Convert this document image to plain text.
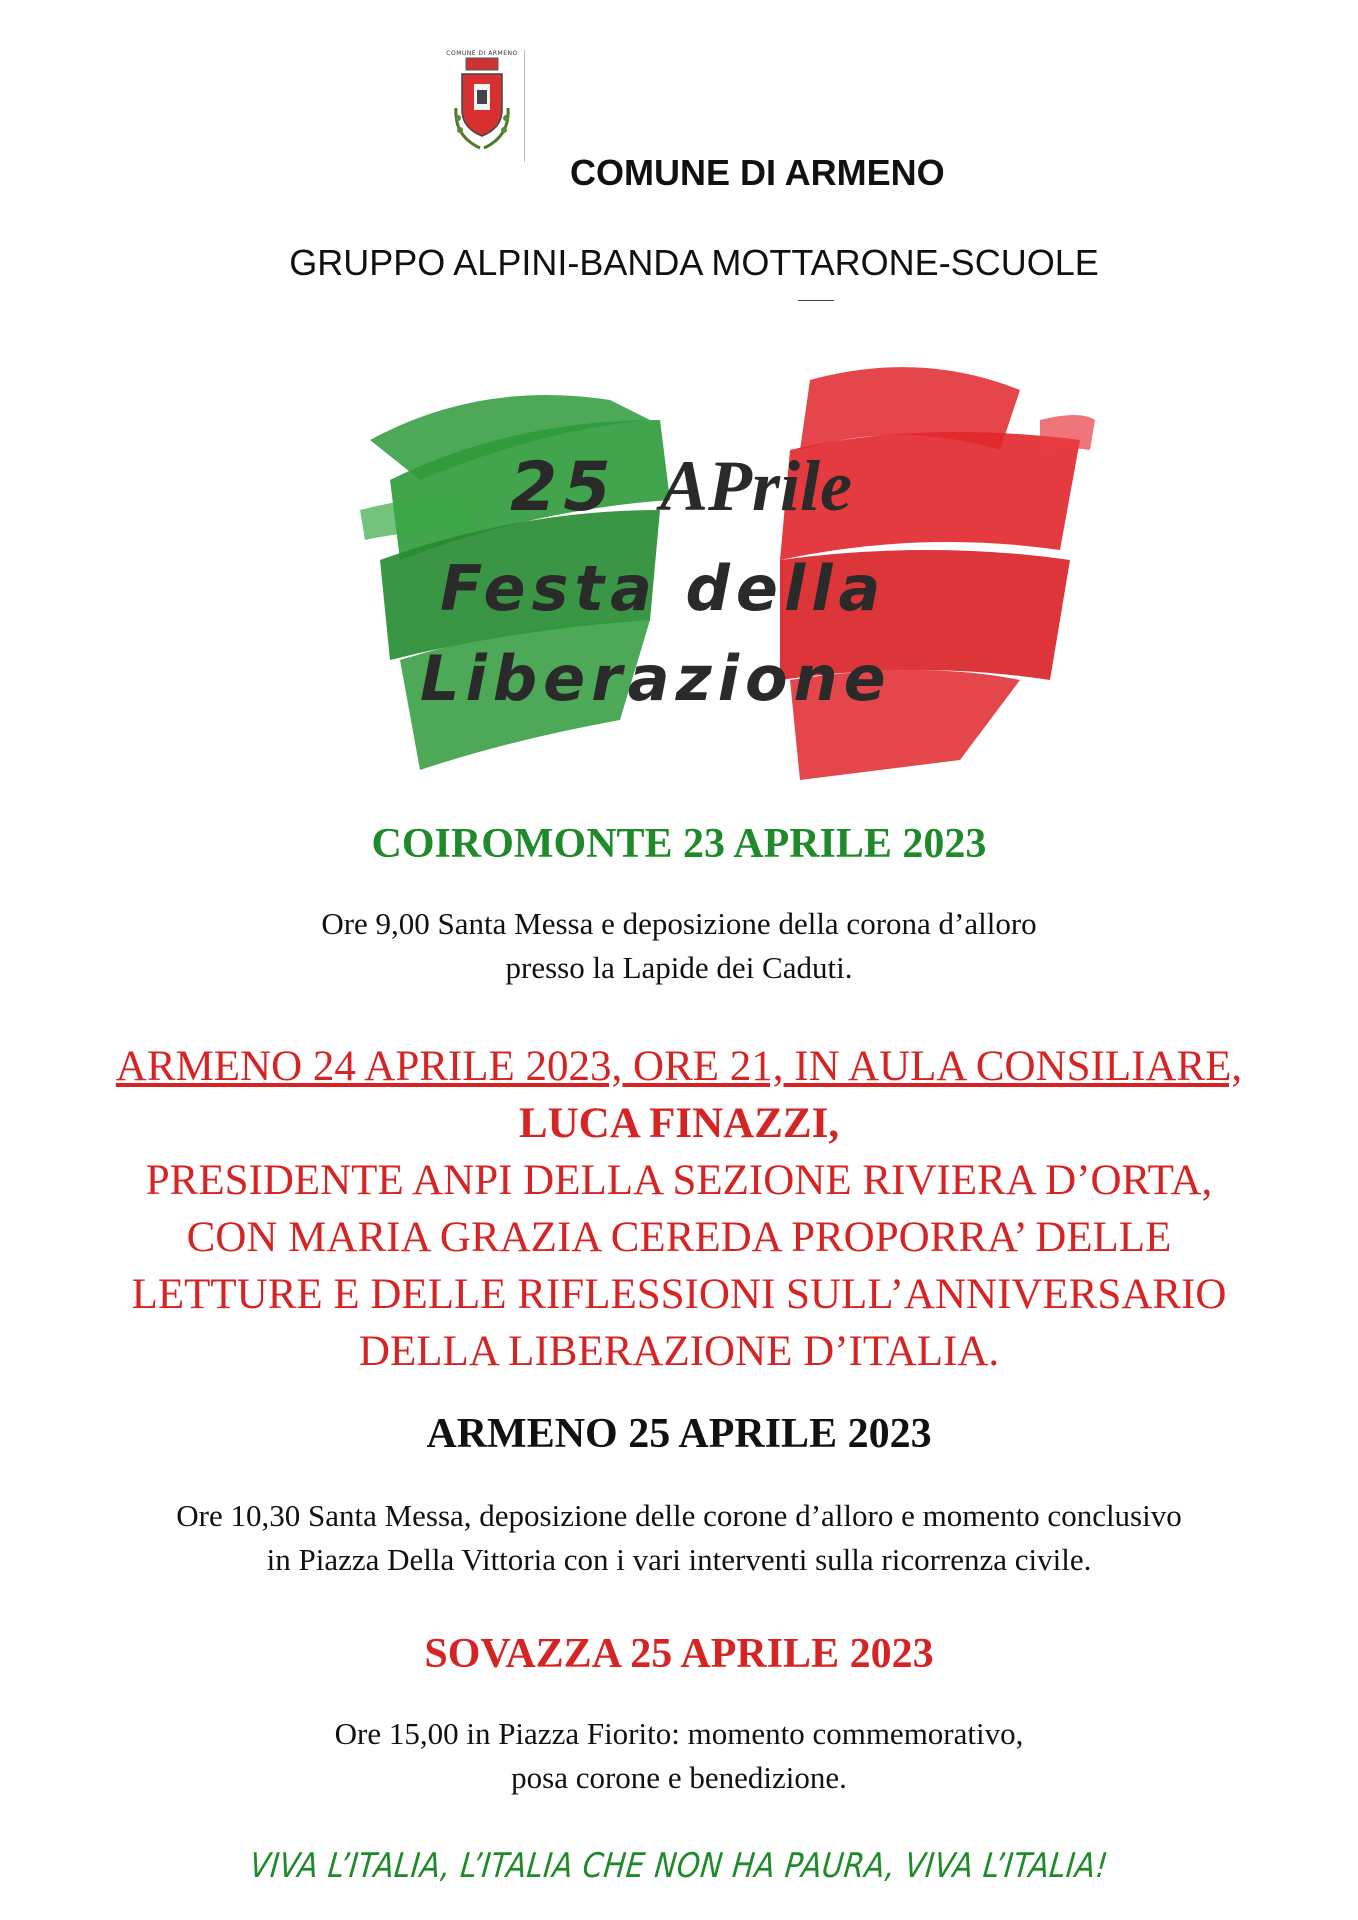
COMUNE DI ARMENO
COMUNE DI ARMENO
GRUPPO ALPINI-BANDA MOTTARONE-SCUOLE
25 APrile
Festa della
Liberazione
COIROMONTE 23 APRILE 2023
Ore 9,00 Santa Messa e deposizione della corona d’alloro
presso la Lapide dei Caduti.
ARMENO 24 APRILE 2023, ORE 21, IN AULA CONSILIARE,
LUCA FINAZZI,
PRESIDENTE ANPI DELLA SEZIONE RIVIERA D’ORTA,
CON MARIA GRAZIA CEREDA PROPORRA’ DELLE
LETTURE E DELLE RIFLESSIONI SULL’ANNIVERSARIO
DELLA LIBERAZIONE D’ITALIA.
ARMENO 25 APRILE 2023
Ore 10,30 Santa Messa, deposizione delle corone d’alloro e momento conclusivo
in Piazza Della Vittoria con i vari interventi sulla ricorrenza civile.
SOVAZZA 25 APRILE 2023
Ore 15,00 in Piazza Fiorito: momento commemorativo,
posa corone e benedizione.
VIVA L’ITALIA, L’ITALIA CHE NON HA PAURA, VIVA L’ITALIA!
